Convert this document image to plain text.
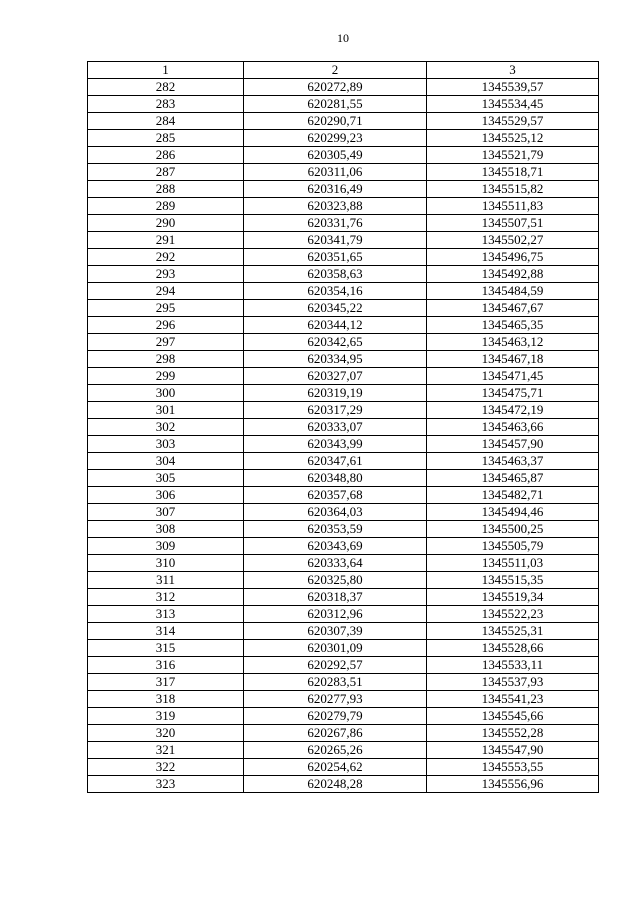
10
1	2	3
282	620272,89	1345539,57
283	620281,55	1345534,45
284	620290,71	1345529,57
285	620299,23	1345525,12
286	620305,49	1345521,79
287	620311,06	1345518,71
288	620316,49	1345515,82
289	620323,88	1345511,83
290	620331,76	1345507,51
291	620341,79	1345502,27
292	620351,65	1345496,75
293	620358,63	1345492,88
294	620354,16	1345484,59
295	620345,22	1345467,67
296	620344,12	1345465,35
297	620342,65	1345463,12
298	620334,95	1345467,18
299	620327,07	1345471,45
300	620319,19	1345475,71
301	620317,29	1345472,19
302	620333,07	1345463,66
303	620343,99	1345457,90
304	620347,61	1345463,37
305	620348,80	1345465,87
306	620357,68	1345482,71
307	620364,03	1345494,46
308	620353,59	1345500,25
309	620343,69	1345505,79
310	620333,64	1345511,03
311	620325,80	1345515,35
312	620318,37	1345519,34
313	620312,96	1345522,23
314	620307,39	1345525,31
315	620301,09	1345528,66
316	620292,57	1345533,11
317	620283,51	1345537,93
318	620277,93	1345541,23
319	620279,79	1345545,66
320	620267,86	1345552,28
321	620265,26	1345547,90
322	620254,62	1345553,55
323	620248,28	1345556,96
